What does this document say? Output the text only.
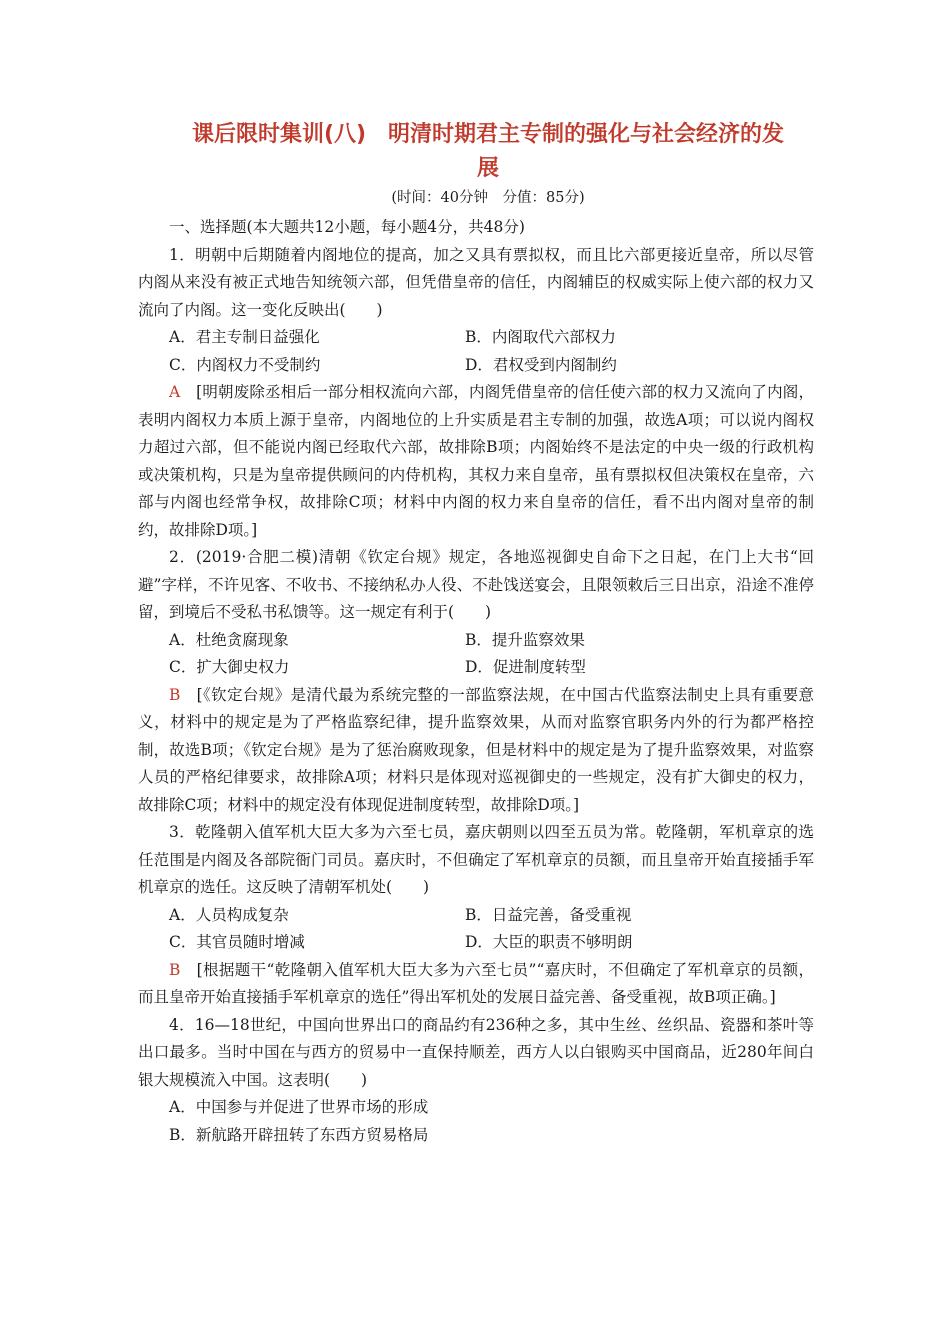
课后限时集训(八)　明清时期君主专制的强化与社会经济的发
展
(时间：40分钟　分值：85分)

一、选择题(本大题共12小题，每小题4分，共48分)

1．明朝中后期随着内阁地位的提高，加之又具有票拟权，而且比六部更接近皇帝，所以尽管内阁从来没有被正式地告知统领六部，但凭借皇帝的信任，内阁辅臣的权威实际上使六部的权力又流向了内阁。这一变化反映出(　　)

A．君主专制日益强化	B．内阁取代六部权力
C．内阁权力不受制约	D．君权受到内阁制约

A　 [明朝废除丞相后一部分相权流向六部，内阁凭借皇帝的信任使六部的权力又流向了内阁，表明内阁权力本质上源于皇帝，内阁地位的上升实质是君主专制的加强，故选A项；可以说内阁权力超过六部，但不能说内阁已经取代六部，故排除B项；内阁始终不是法定的中央一级的行政机构或决策机构，只是为皇帝提供顾问的内侍机构，其权力来自皇帝，虽有票拟权但决策权在皇帝，六部与内阁也经常争权，故排除C项；材料中内阁的权力来自皇帝的信任，看不出内阁对皇帝的制约，故排除D项。]

2．(2019·合肥二模)清朝《钦定台规》规定，各地巡视御史自命下之日起，在门上大书“回避”字样，不许见客、不收书、不接纳私办人役、不赴饯送宴会，且限领敕后三日出京，沿途不准停留，到境后不受私书私馈等。这一规定有利于(　　)

A．杜绝贪腐现象	B．提升监察效果
C．扩大御史权力	D．促进制度转型

B　 [《钦定台规》是清代最为系统完整的一部监察法规，在中国古代监察法制史上具有重要意义，材料中的规定是为了严格监察纪律，提升监察效果，从而对监察官职务内外的行为都严格控制，故选B项；《钦定台规》是为了惩治腐败现象，但是材料中的规定是为了提升监察效果，对监察人员的严格纪律要求，故排除A项；材料只是体现对巡视御史的一些规定，没有扩大御史的权力，故排除C项；材料中的规定没有体现促进制度转型，故排除D项。]

3．乾隆朝入值军机大臣大多为六至七员，嘉庆朝则以四至五员为常。乾隆朝，军机章京的选任范围是内阁及各部院衙门司员。嘉庆时，不但确定了军机章京的员额，而且皇帝开始直接插手军机章京的选任。这反映了清朝军机处(　　)

A．人员构成复杂	B．日益完善，备受重视
C．其官员随时增减	D．大臣的职责不够明朗

B　 [根据题干“乾隆朝入值军机大臣大多为六至七员”“嘉庆时，不但确定了军机章京的员额，而且皇帝开始直接插手军机章京的选任”得出军机处的发展日益完善、备受重视，故B项正确。]

4．16—18世纪，中国向世界出口的商品约有236种之多，其中生丝、丝织品、瓷器和茶叶等出口最多。当时中国在与西方的贸易中一直保持顺差，西方人以白银购买中国商品，近280年间白银大规模流入中国。这表明(　　)

A．中国参与并促进了世界市场的形成

B．新航路开辟扭转了东西方贸易格局
